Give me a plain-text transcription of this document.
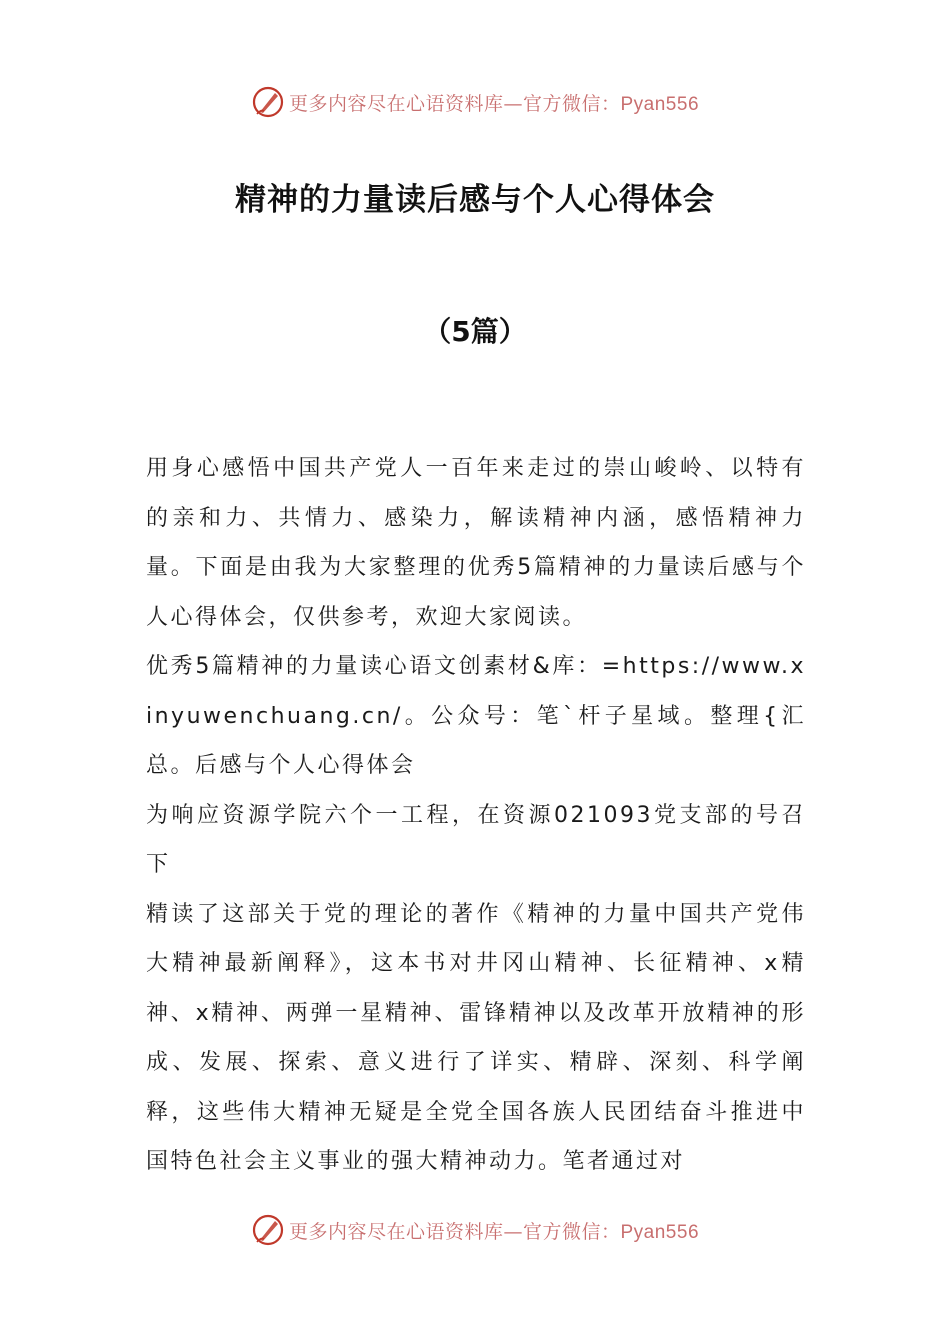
更多内容尽在心语资料库—官方微信：Pyan556
精神的力量读后感与个人心得体会
（5篇）

用身心感悟中国共产党人一百年来走过的崇山峻岭、以特有的亲和力、共情力、感染力，解读精神内涵，感悟精神力量。下面是由我为大家整理的优秀5篇精神的力量读后感与个人心得体会，仅供参考，欢迎大家阅读。

优秀5篇精神的力量读心语文创素材&库：=https://www.xinyuwenchuang.cn/。公众号：笔`杆子星域。整理{汇总。后感与个人心得体会

为响应资源学院六个一工程，在资源021093党支部的号召下

精读了这部关于党的理论的著作《精神的力量中国共产党伟大精神最新阐释》，这本书对井冈山精神、长征精神、x精神、x精神、两弹一星精神、雷锋精神以及改革开放精神的形成、发展、探索、意义进行了详实、精辟、深刻、科学阐释，这些伟大精神无疑是全党全国各族人民团结奋斗推进中国特色社会主义事业的强大精神动力。笔者通过对

更多内容尽在心语资料库—官方微信：Pyan556
